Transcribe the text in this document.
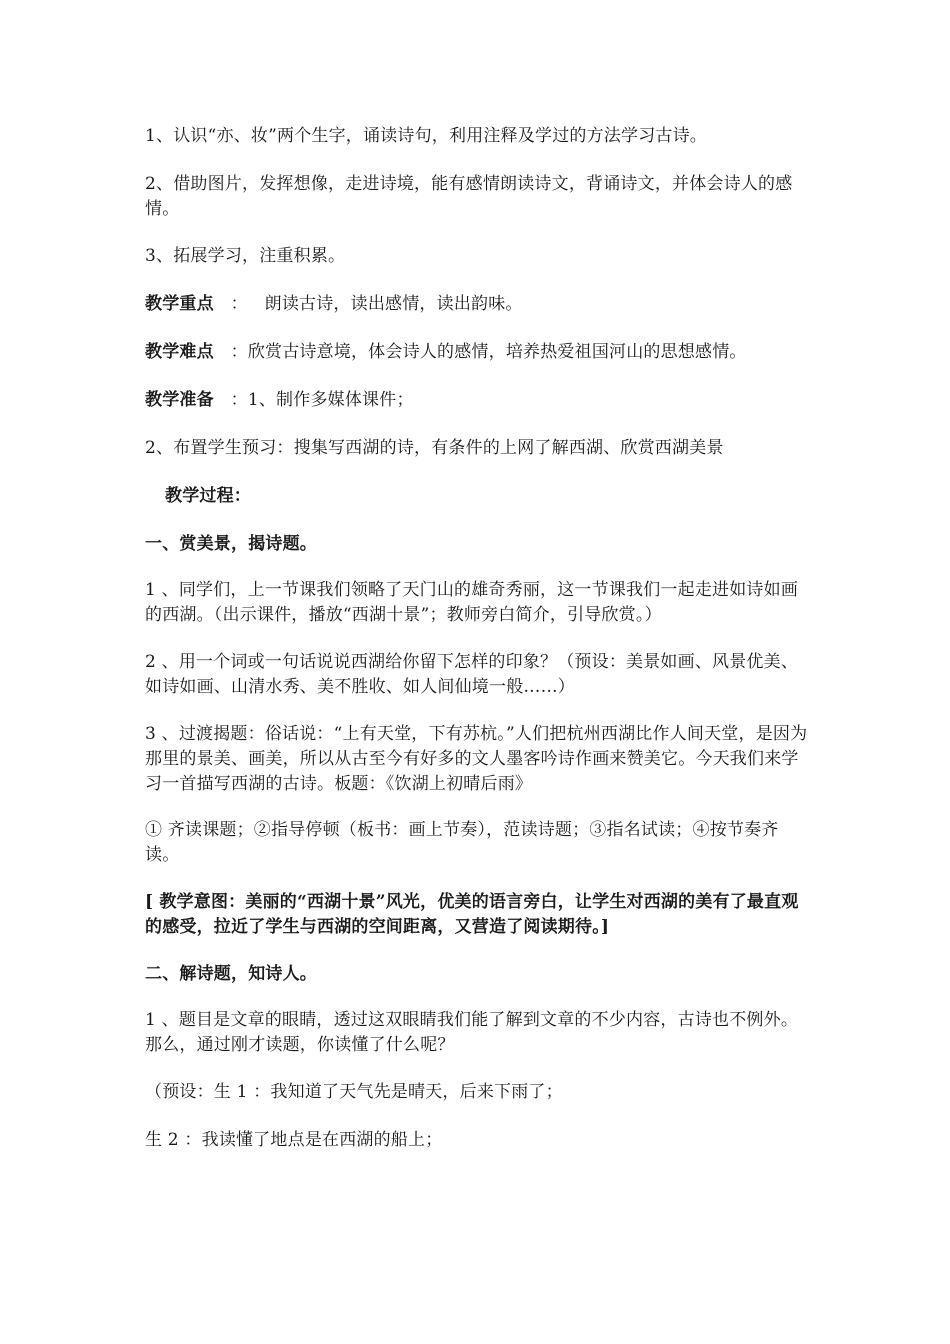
1、认识“亦、妆”两个生字，诵读诗句，利用注释及学过的方法学习古诗。

2、借助图片，发挥想像，走进诗境，能有感情朗读诗文，背诵诗文，并体会诗人的感情。

3、拓展学习，注重积累。

教学重点   ：   朗读古诗，读出感情，读出韵味。

教学难点   ：欣赏古诗意境，体会诗人的感情，培养热爱祖国河山的思想感情。

教学准备   ：1、制作多媒体课件；

2、布置学生预习：搜集写西湖的诗，有条件的上网了解西湖、欣赏西湖美景

教学过程：

一、赏美景，揭诗题。

1 、同学们，上一节课我们领略了天门山的雄奇秀丽，这一节课我们一起走进如诗如画的西湖。（出示课件，播放“西湖十景”；教师旁白简介，引导欣赏。）

2 、用一个词或一句话说说西湖给你留下怎样的印象？（预设：美景如画、风景优美、如诗如画、山清水秀、美不胜收、如人间仙境一般……）

3 、过渡揭题：俗话说：“上有天堂，下有苏杭。”人们把杭州西湖比作人间天堂，是因为那里的景美、画美，所以从古至今有好多的文人墨客吟诗作画来赞美它。今天我们来学习一首描写西湖的古诗。板题：《饮湖上初晴后雨》

① 齐读课题；②指导停顿（板书：画上节奏），范读诗题；③指名试读；④按节奏齐读。

[ 教学意图：美丽的“西湖十景”风光，优美的语言旁白，让学生对西湖的美有了最直观的感受，拉近了学生与西湖的空间距离，又营造了阅读期待。]

二、解诗题，知诗人。

1 、题目是文章的眼睛，透过这双眼睛我们能了解到文章的不少内容，古诗也不例外。那么，通过刚才读题，你读懂了什么呢？

（预设：生 1 ：我知道了天气先是晴天，后来下雨了；

生 2 ：我读懂了地点是在西湖的船上；
